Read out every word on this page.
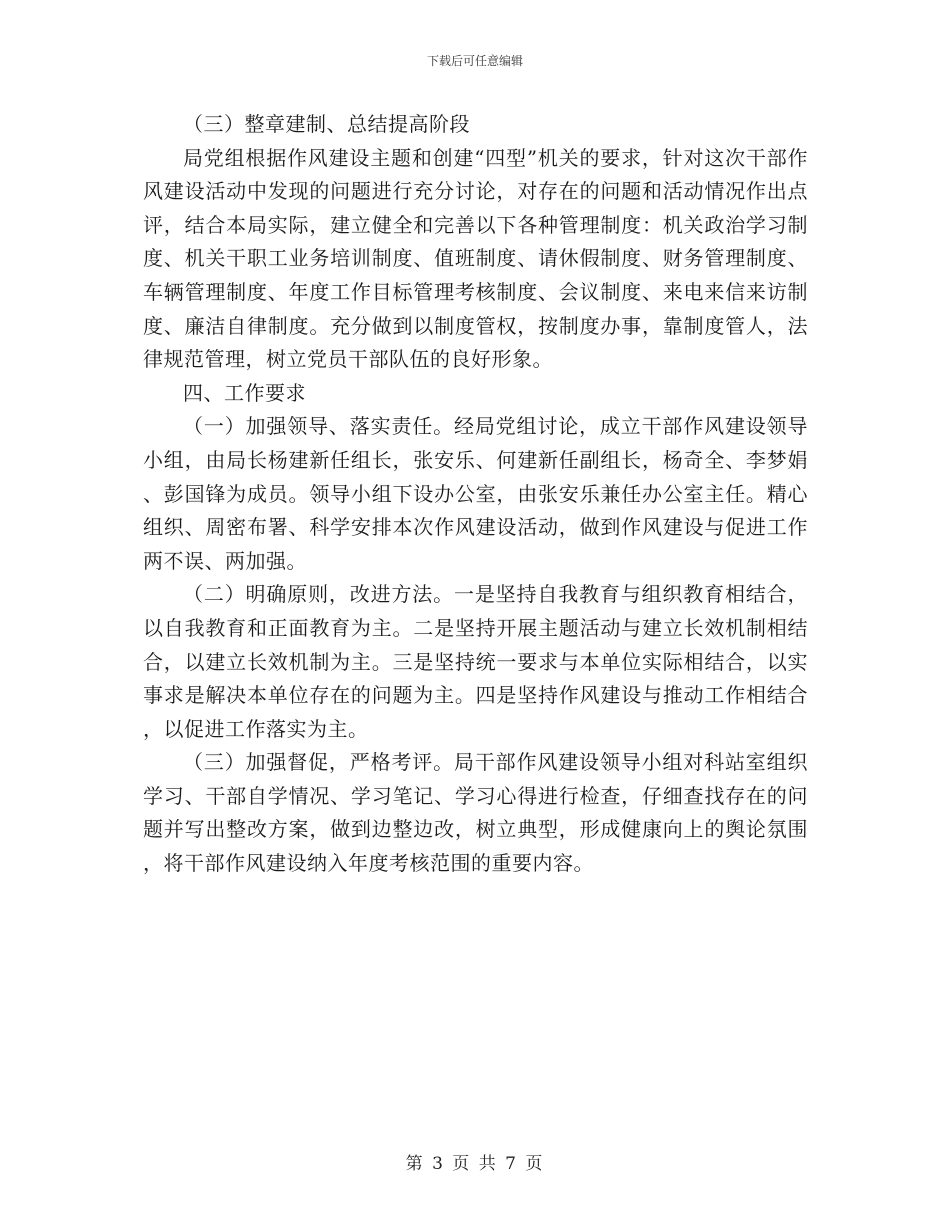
下载后可任意编辑

（三）整章建制、总结提高阶段

局党组根据作风建设主题和创建“四型”机关的要求，针对这次干部作风建设活动中发现的问题进行充分讨论，对存在的问题和活动情况作出点评，结合本局实际，建立健全和完善以下各种管理制度：机关政治学习制度、机关干职工业务培训制度、值班制度、请休假制度、财务管理制度、车辆管理制度、年度工作目标管理考核制度、会议制度、来电来信来访制度、廉洁自律制度。充分做到以制度管权，按制度办事，靠制度管人，法律规范管理，树立党员干部队伍的良好形象。

四、工作要求

（一）加强领导、落实责任。经局党组讨论，成立干部作风建设领导小组，由局长杨建新任组长，张安乐、何建新任副组长，杨奇全、李梦娟、彭国锋为成员。领导小组下设办公室，由张安乐兼任办公室主任。精心组织、周密布署、科学安排本次作风建设活动，做到作风建设与促进工作两不误、两加强。

（二）明确原则，改进方法。一是坚持自我教育与组织教育相结合，以自我教育和正面教育为主。二是坚持开展主题活动与建立长效机制相结合，以建立长效机制为主。三是坚持统一要求与本单位实际相结合，以实事求是解决本单位存在的问题为主。四是坚持作风建设与推动工作相结合，以促进工作落实为主。

（三）加强督促，严格考评。局干部作风建设领导小组对科站室组织学习、干部自学情况、学习笔记、学习心得进行检查，仔细查找存在的问题并写出整改方案，做到边整边改，树立典型，形成健康向上的舆论氛围，将干部作风建设纳入年度考核范围的重要内容。

第 3 页 共 7 页
